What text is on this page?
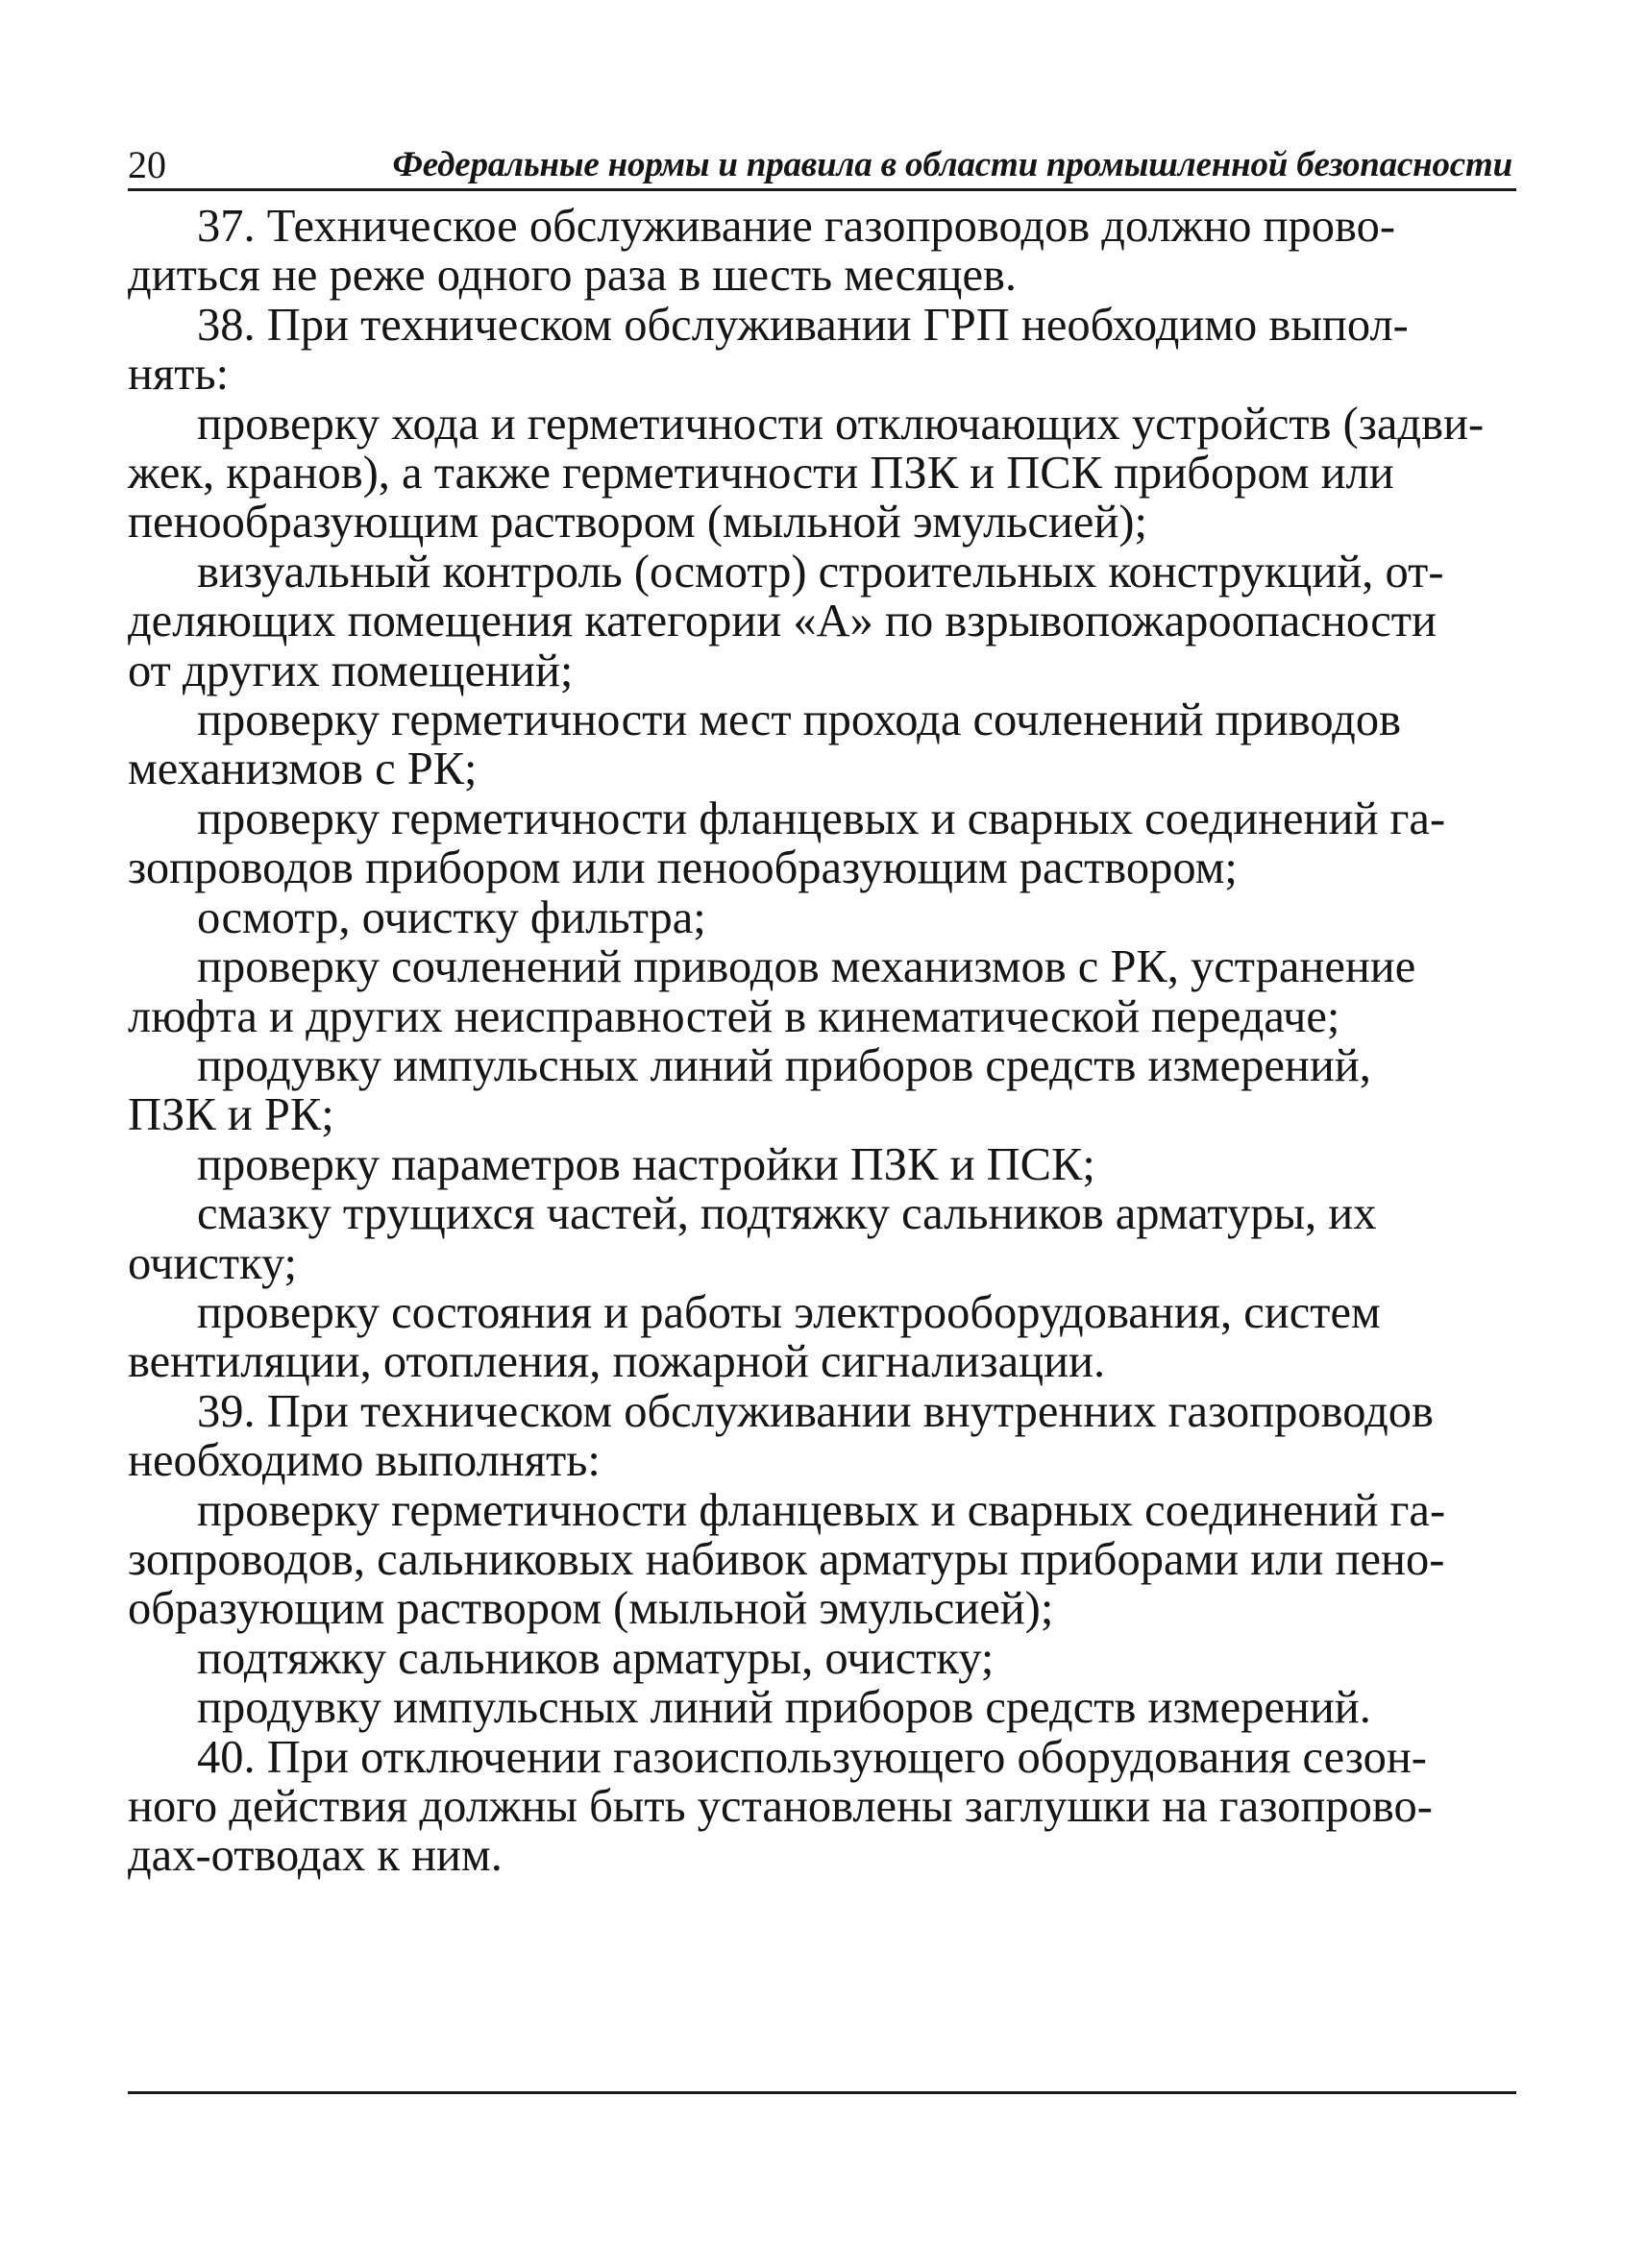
20	Федеральные нормы и правила в области промышленной безопасности

37. Техническое обслуживание газопроводов должно прово-
диться не реже одного раза в шесть месяцев.

38. При техническом обслуживании ГРП необходимо выпол-
нять:

проверку хода и герметичности отключающих устройств (задви-
жек, кранов), а также герметичности ПЗК и ПСК прибором или
пенообразующим раствором (мыльной эмульсией);

визуальный контроль (осмотр) строительных конструкций, от-
деляющих помещения категории «А» по взрывопожароопасности
от других помещений;

проверку герметичности мест прохода сочленений приводов
механизмов с РК;

проверку герметичности фланцевых и сварных соединений га-
зопроводов прибором или пенообразующим раствором;

осмотр, очистку фильтра;

проверку сочленений приводов механизмов с РК, устранение
люфта и других неисправностей в кинематической передаче;

продувку импульсных линий приборов средств измерений,
ПЗК и РК;

проверку параметров настройки ПЗК и ПСК;

смазку трущихся частей, подтяжку сальников арматуры, их
очистку;

проверку состояния и работы электрооборудования, систем
вентиляции, отопления, пожарной сигнализации.

39. При техническом обслуживании внутренних газопроводов
необходимо выполнять:

проверку герметичности фланцевых и сварных соединений га-
зопроводов, сальниковых набивок арматуры приборами или пено-
образующим раствором (мыльной эмульсией);

подтяжку сальников арматуры, очистку;

продувку импульсных линий приборов средств измерений.

40. При отключении газоиспользующего оборудования сезон-
ного действия должны быть установлены заглушки на газопрово-
дах-отводах к ним.
